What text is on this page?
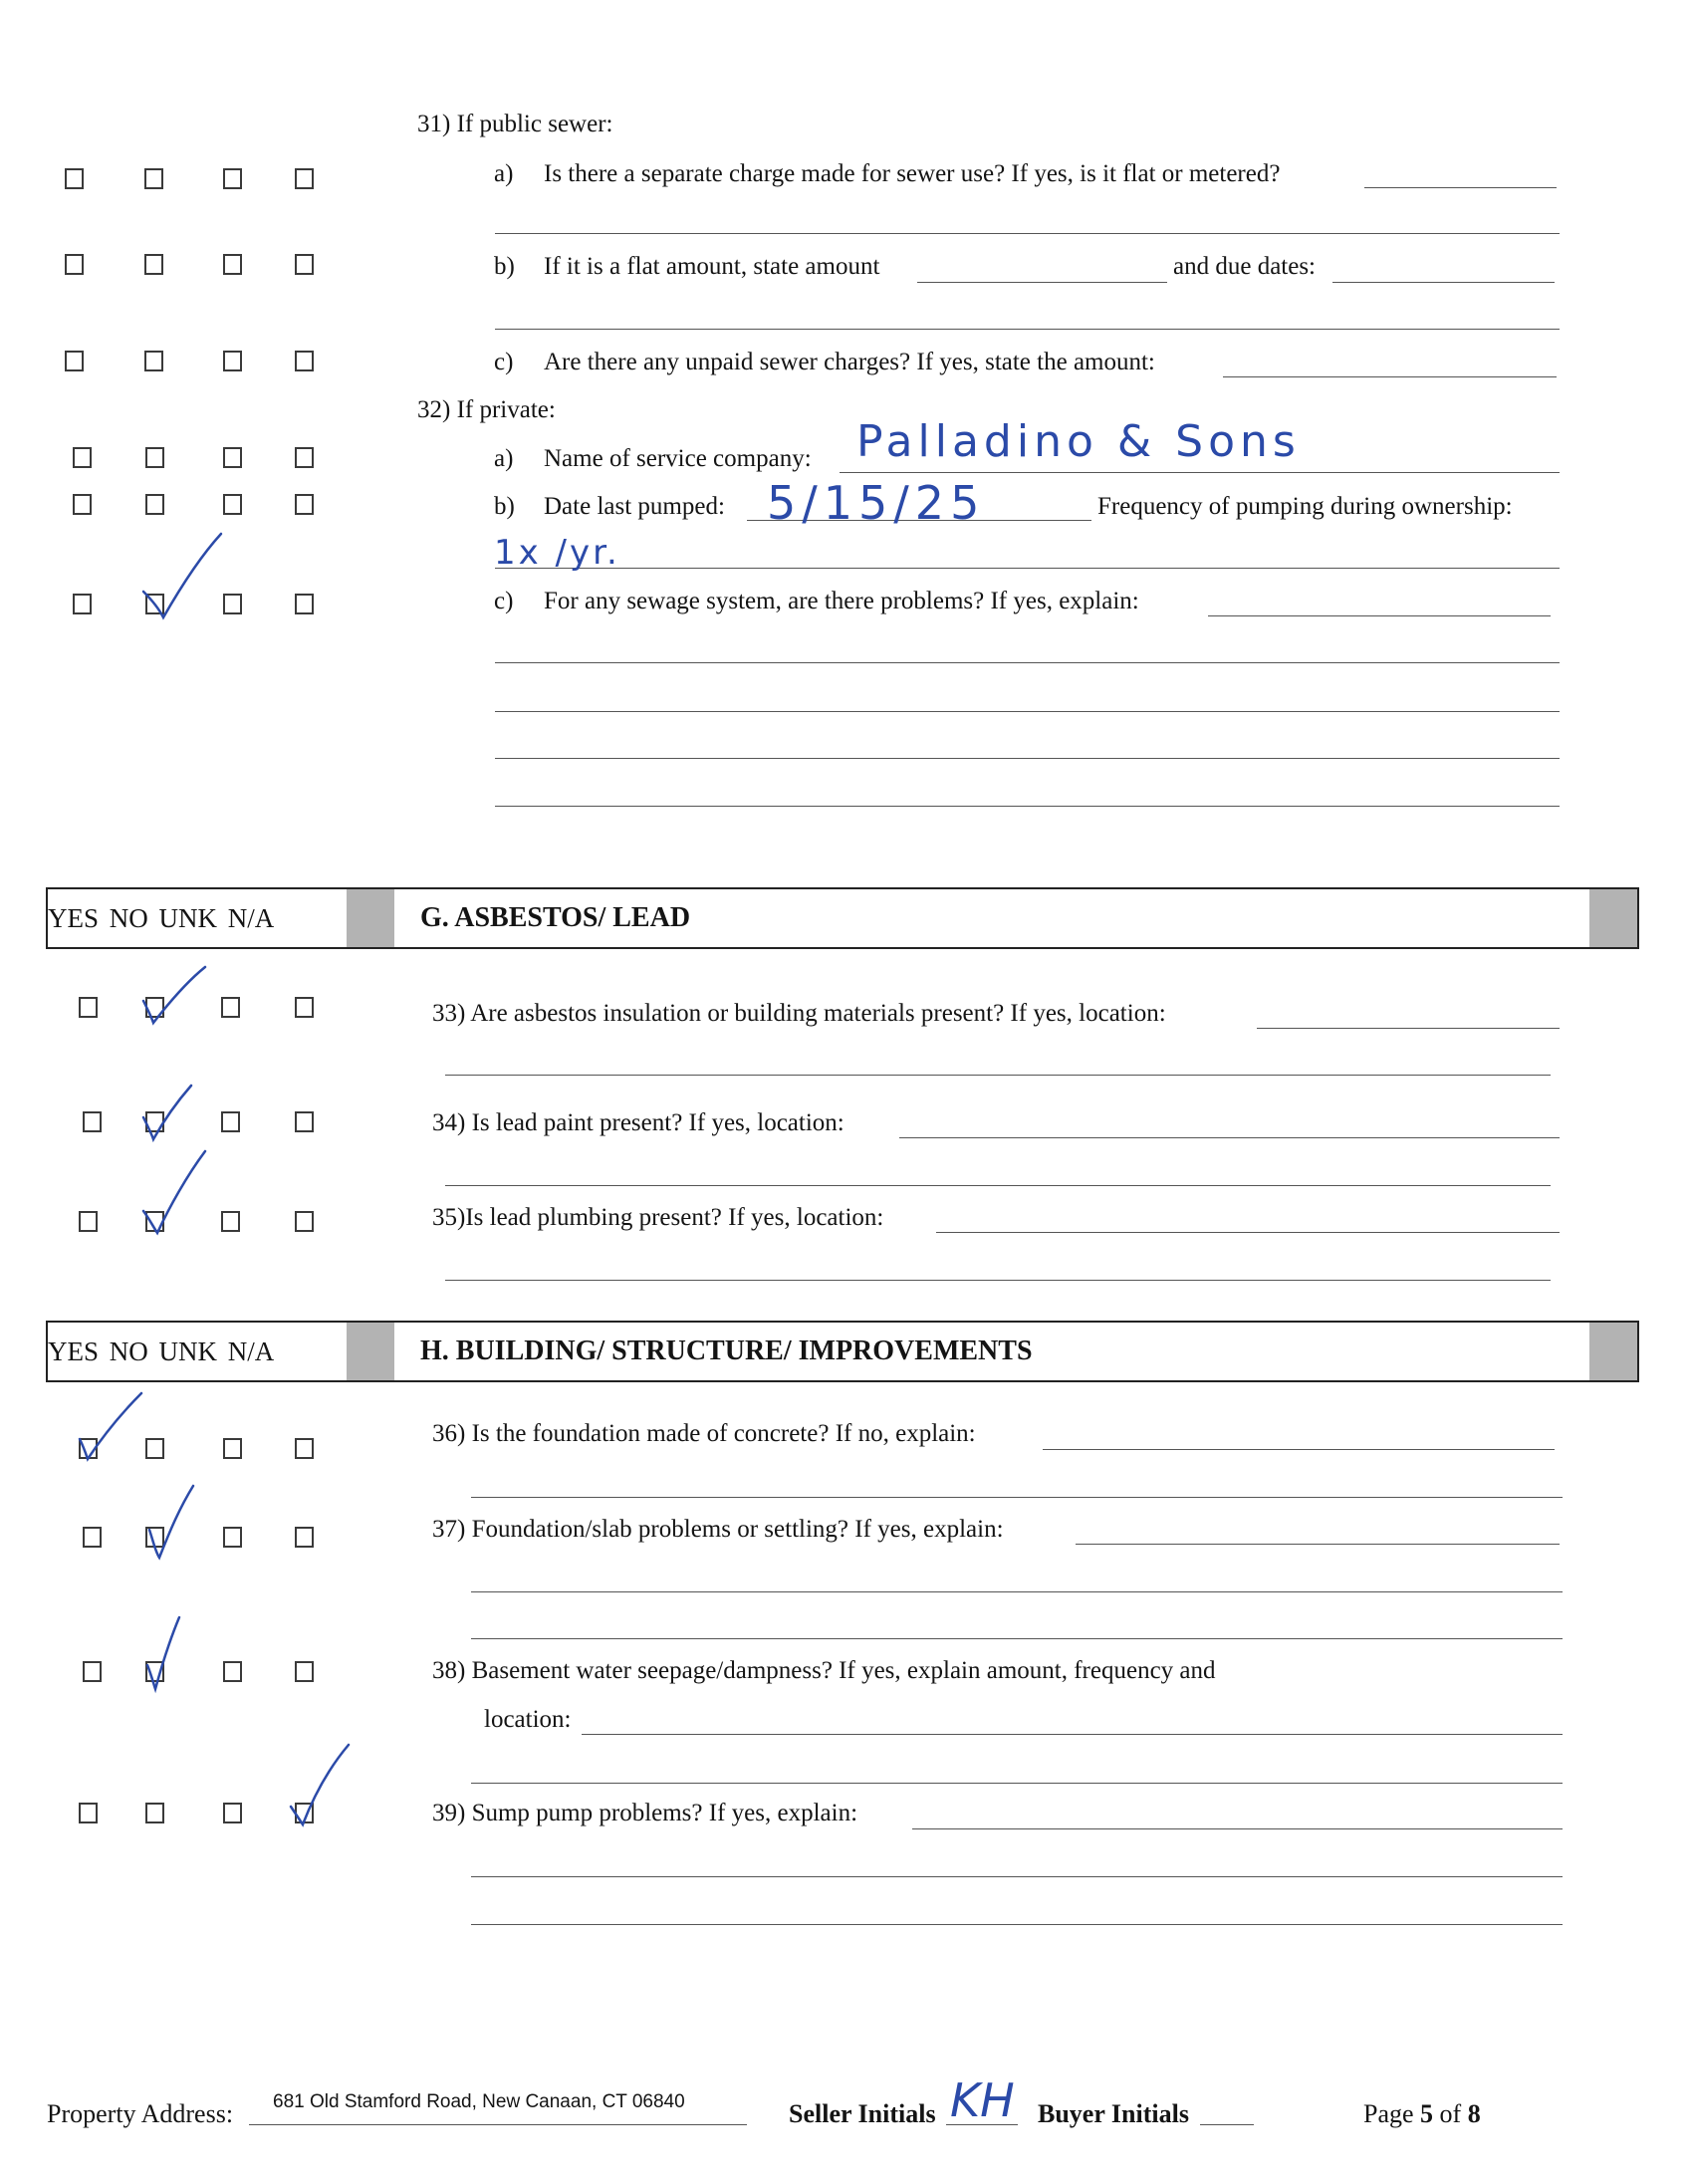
31) If public sewer:
a) Is there a separate charge made for sewer use? If yes, is it flat or metered?
b) If it is a flat amount, state amount	and due dates:
c) Are there any unpaid sewer charges? If yes, state the amount:
32) If private:
a) Name of service company: Palladino & Sons
b) Date last pumped: 5/15/25	Frequency of pumping during ownership:
1x /yr.
c) For any sewage system, are there problems? If yes, explain:
YES NO UNK N/A	G. ASBESTOS/ LEAD
33) Are asbestos insulation or building materials present? If yes, location:
34) Is lead paint present? If yes, location:
35)Is lead plumbing present? If yes, location:
YES NO UNK N/A	H. BUILDING/ STRUCTURE/ IMPROVEMENTS
36) Is the foundation made of concrete? If no, explain:
37) Foundation/slab problems or settling? If yes, explain:
38) Basement water seepage/dampness? If yes, explain amount, frequency and
location:
39) Sump pump problems? If yes, explain:
Property Address: 681 Old Stamford Road, New Canaan, CT 06840	Seller Initials KH Buyer Initials	Page 5 of 8
